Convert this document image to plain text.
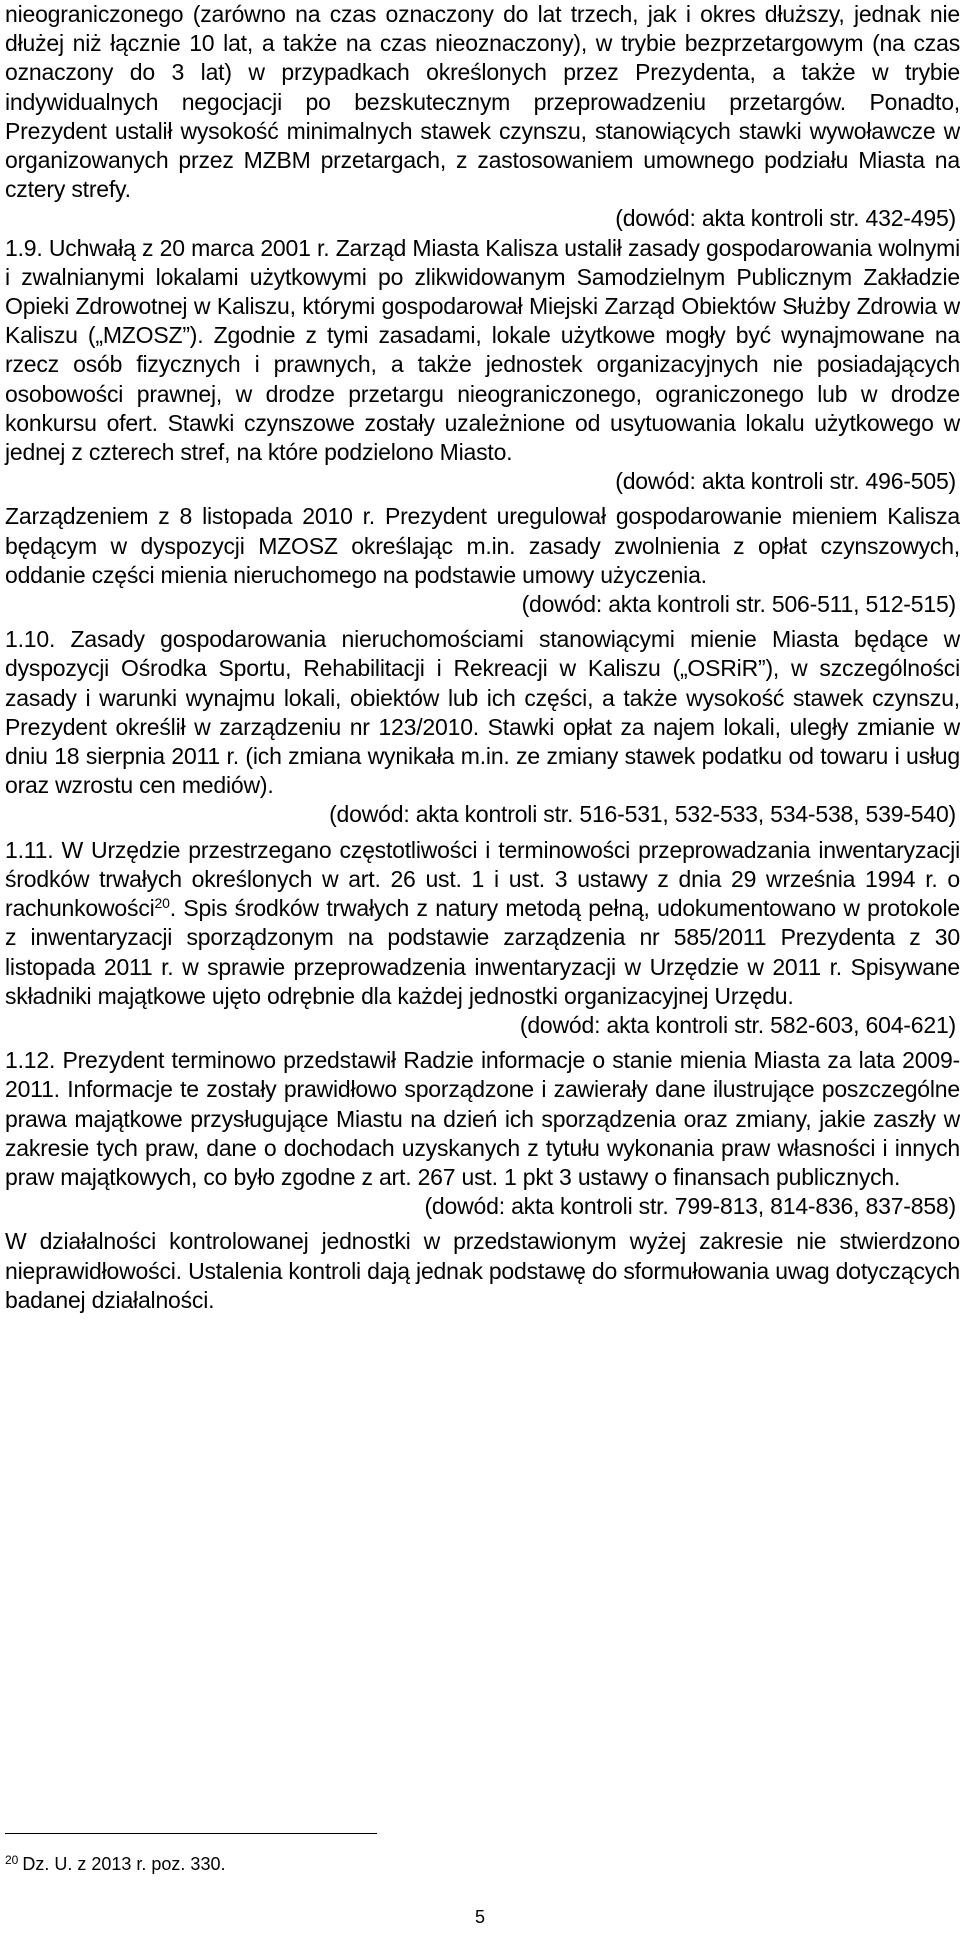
nieograniczonego (zarówno na czas oznaczony do lat trzech, jak i okres dłuższy, jednak nie dłużej niż łącznie 10 lat, a także na czas nieoznaczony), w trybie bezprzetargowym (na czas oznaczony do 3 lat) w przypadkach określonych przez Prezydenta, a także w trybie indywidualnych negocjacji po bezskutecznym przeprowadzeniu przetargów. Ponadto, Prezydent ustalił wysokość minimalnych stawek czynszu, stanowiących stawki wywoławcze w organizowanych przez MZBM przetargach, z zastosowaniem umownego podziału Miasta na cztery strefy.

(dowód: akta kontroli str. 432-495)

1.9. Uchwałą z 20 marca 2001 r. Zarząd Miasta Kalisza ustalił zasady gospodarowania wolnymi i zwalnianymi lokalami użytkowymi po zlikwidowanym Samodzielnym Publicznym Zakładzie Opieki Zdrowotnej w Kaliszu, którymi gospodarował Miejski Zarząd Obiektów Służby Zdrowia w Kaliszu („MZOSZ”). Zgodnie z tymi zasadami, lokale użytkowe mogły być wynajmowane na rzecz osób fizycznych i prawnych, a także jednostek organizacyjnych nie posiadających osobowości prawnej, w drodze przetargu nieograniczonego, ograniczonego lub w drodze konkursu ofert. Stawki czynszowe zostały uzależnione od usytuowania lokalu użytkowego w jednej z czterech stref, na które podzielono Miasto.

(dowód: akta kontroli str. 496-505)

Zarządzeniem z 8 listopada 2010 r. Prezydent uregulował gospodarowanie mieniem Kalisza będącym w dyspozycji MZOSZ określając m.in. zasady zwolnienia z opłat czynszowych, oddanie części mienia nieruchomego na podstawie umowy użyczenia.

(dowód: akta kontroli str. 506-511, 512-515)

1.10. Zasady gospodarowania nieruchomościami stanowiącymi mienie Miasta będące w dyspozycji Ośrodka Sportu, Rehabilitacji i Rekreacji w Kaliszu („OSRiR”), w szczególności zasady i warunki wynajmu lokali, obiektów lub ich części, a także wysokość stawek czynszu, Prezydent określił w zarządzeniu nr 123/2010. Stawki opłat za najem lokali, uległy zmianie w dniu 18 sierpnia 2011 r. (ich zmiana wynikała m.in. ze zmiany stawek podatku od towaru i usług oraz wzrostu cen mediów).

(dowód: akta kontroli str. 516-531, 532-533, 534-538, 539-540)

1.11. W Urzędzie przestrzegano częstotliwości i terminowości przeprowadzania inwentaryzacji środków trwałych określonych w art. 26 ust. 1 i ust. 3 ustawy z dnia 29 września 1994 r. o rachunkowości$^{20}$. Spis środków trwałych z natury metodą pełną, udokumentowano w protokole z inwentaryzacji sporządzonym na podstawie zarządzenia nr 585/2011 Prezydenta z 30 listopada 2011 r. w sprawie przeprowadzenia inwentaryzacji w Urzędzie w 2011 r. Spisywane składniki majątkowe ujęto odrębnie dla każdej jednostki organizacyjnej Urzędu.

(dowód: akta kontroli str. 582-603, 604-621)

1.12. Prezydent terminowo przedstawił Radzie informacje o stanie mienia Miasta za lata 2009-2011. Informacje te zostały prawidłowo sporządzone i zawierały dane ilustrujące poszczególne prawa majątkowe przysługujące Miastu na dzień ich sporządzenia oraz zmiany, jakie zaszły w zakresie tych praw, dane o dochodach uzyskanych z tytułu wykonania praw własności i innych praw majątkowych, co było zgodne z art. 267 ust. 1 pkt 3 ustawy o finansach publicznych.

(dowód: akta kontroli str. 799-813, 814-836, 837-858)

W działalności kontrolowanej jednostki w przedstawionym wyżej zakresie nie stwierdzono nieprawidłowości. Ustalenia kontroli dają jednak podstawę do sformułowania uwag dotyczących badanej działalności.

$^{20}$ Dz. U. z 2013 r. poz. 330.
5
